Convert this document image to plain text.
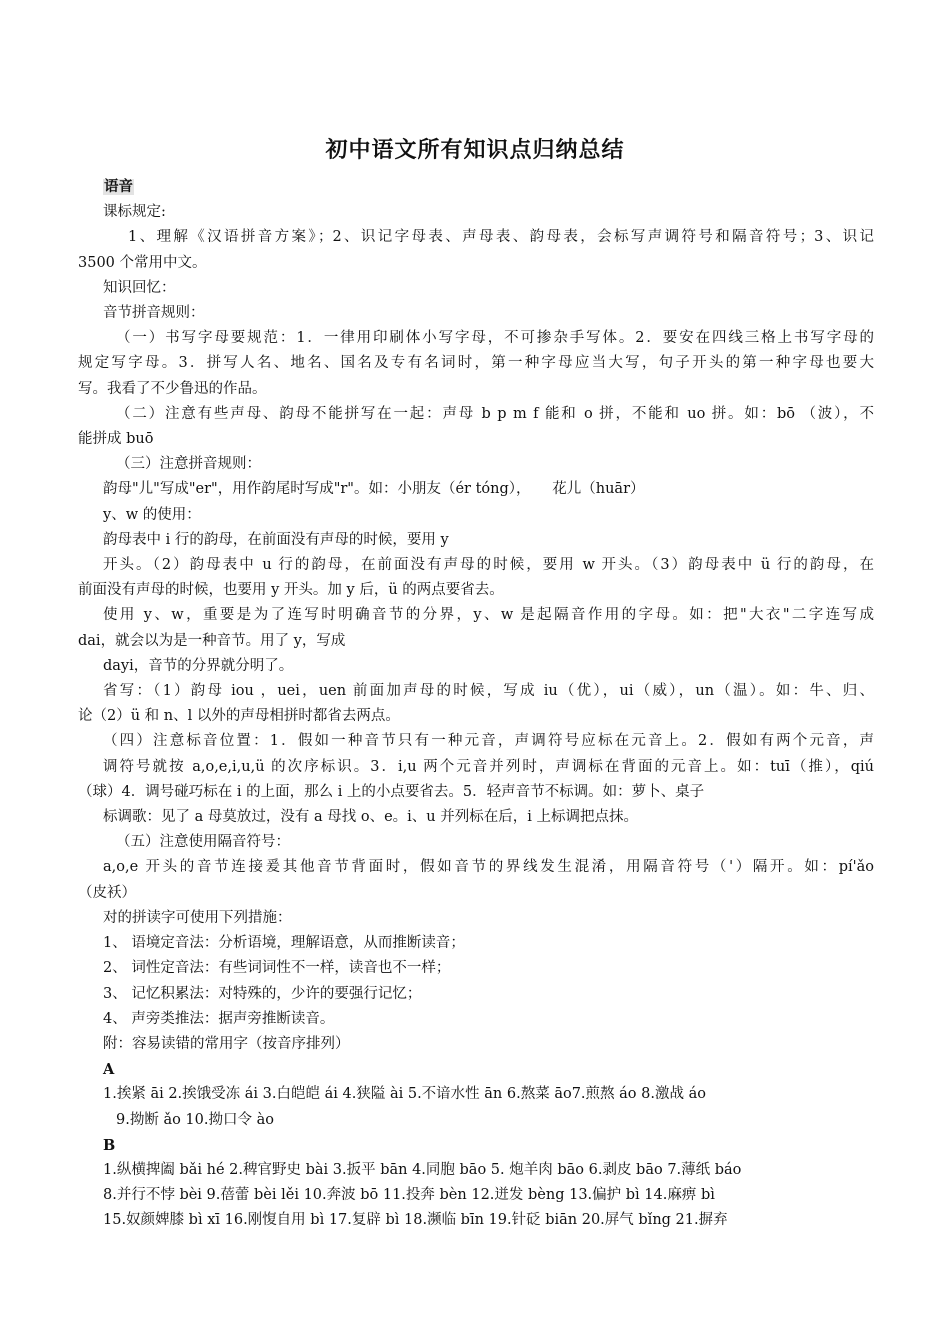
初中语文所有知识点归纳总结
语音
课标规定:
1、理解《汉语拼音方案》；2、识记字母表、声母表、韵母表，会标写声调符号和隔音符号；3、识记
3500 个常用中文。
知识回忆：
音节拼音规则：
（一）书写字母要规范：1．一律用印刷体小写字母，不可掺杂手写体。2．要安在四线三格上书写字母的
规定写字母。3．拼写人名、地名、国名及专有名词时，第一种字母应当大写，句子开头的第一种字母也要大
写。我看了不少鲁迅的作品。
（二）注意有些声母、韵母不能拼写在一起：声母 b p m f 能和 o 拼，不能和 uo 拼。如：bō （波），不
能拼成 buō
（三）注意拼音规则：
韵母"儿"写成"er"，用作韵尾时写成"r"。如：小朋友（ér tóng），　　花儿（huār）
y、w 的使用：
韵母表中 i 行的韵母，在前面没有声母的时候，要用 y
开头。（2）韵母表中 u 行的韵母，在前面没有声母的时候，要用 w 开头。（3）韵母表中 ü 行的韵母，在
前面没有声母的时候，也要用 y 开头。加 y 后，ü 的两点要省去。
使用 y、w，重要是为了连写时明确音节的分界，y、w 是起隔音作用的字母。如：把"大衣"二字连写成
dai，就会以为是一种音节。用了 y，写成
dayi，音节的分界就分明了。
省写：（1）韵母 iou ，uei，uen 前面加声母的时候，写成 iu（优），ui（威），un（温）。如：牛、归、
论（2）ü 和 n、l 以外的声母相拼时都省去两点。
（四）注意标音位置：1．假如一种音节只有一种元音，声调符号应标在元音上。2．假如有两个元音，声
调符号就按 a,o,e,i,u,ü 的次序标识。3．i,u 两个元音并列时，声调标在背面的元音上。如：tuī（推），qiú
（球）4．调号碰巧标在 i 的上面，那么 i 上的小点要省去。5．轻声音节不标调。如：萝卜、桌子
标调歌：见了 a 母莫放过，没有 a 母找 o、e。i、u 并列标在后，i 上标调把点抹。
（五）注意使用隔音符号：
a,o,e 开头的音节连接爰其他音节背面时，假如音节的界线发生混淆，用隔音符号（'）隔开。如：pí'ǎo
（皮袄）
对的拼读字可使用下列措施：
1、 语境定音法：分析语境，理解语意，从而推断读音；
2、 词性定音法：有些词词性不一样，读音也不一样；
3、 记忆积累法：对特殊的，少许的要强行记忆；
4、 声旁类推法：据声旁推断读音。
附：容易读错的常用字（按音序排列）
A
1.挨紧 āi 2.挨饿受冻 ái 3.白皑皑 ái 4.狭隘 ài 5.不谙水性 ān 6.熬菜 āo7.煎熬 áo 8.激战 áo
9.拗断 ǎo 10.拗口令 ào
B
1.纵横捭阖 bǎi hé 2.稗官野史 bài 3.扳平 bān 4.同胞 bāo 5. 炮羊肉 bāo 6.剥皮 bāo 7.薄纸 báo
8.并行不悖 bèi 9.蓓蕾 bèi lěi 10.奔波 bō 11.投奔 bèn 12.迸发 bèng 13.偏护 bì 14.麻痹 bì
15.奴颜婢膝 bì xī 16.刚愎自用 bì 17.复辟 bì 18.濒临 bīn 19.针砭 biān 20.屏气 bǐng 21.摒弃
